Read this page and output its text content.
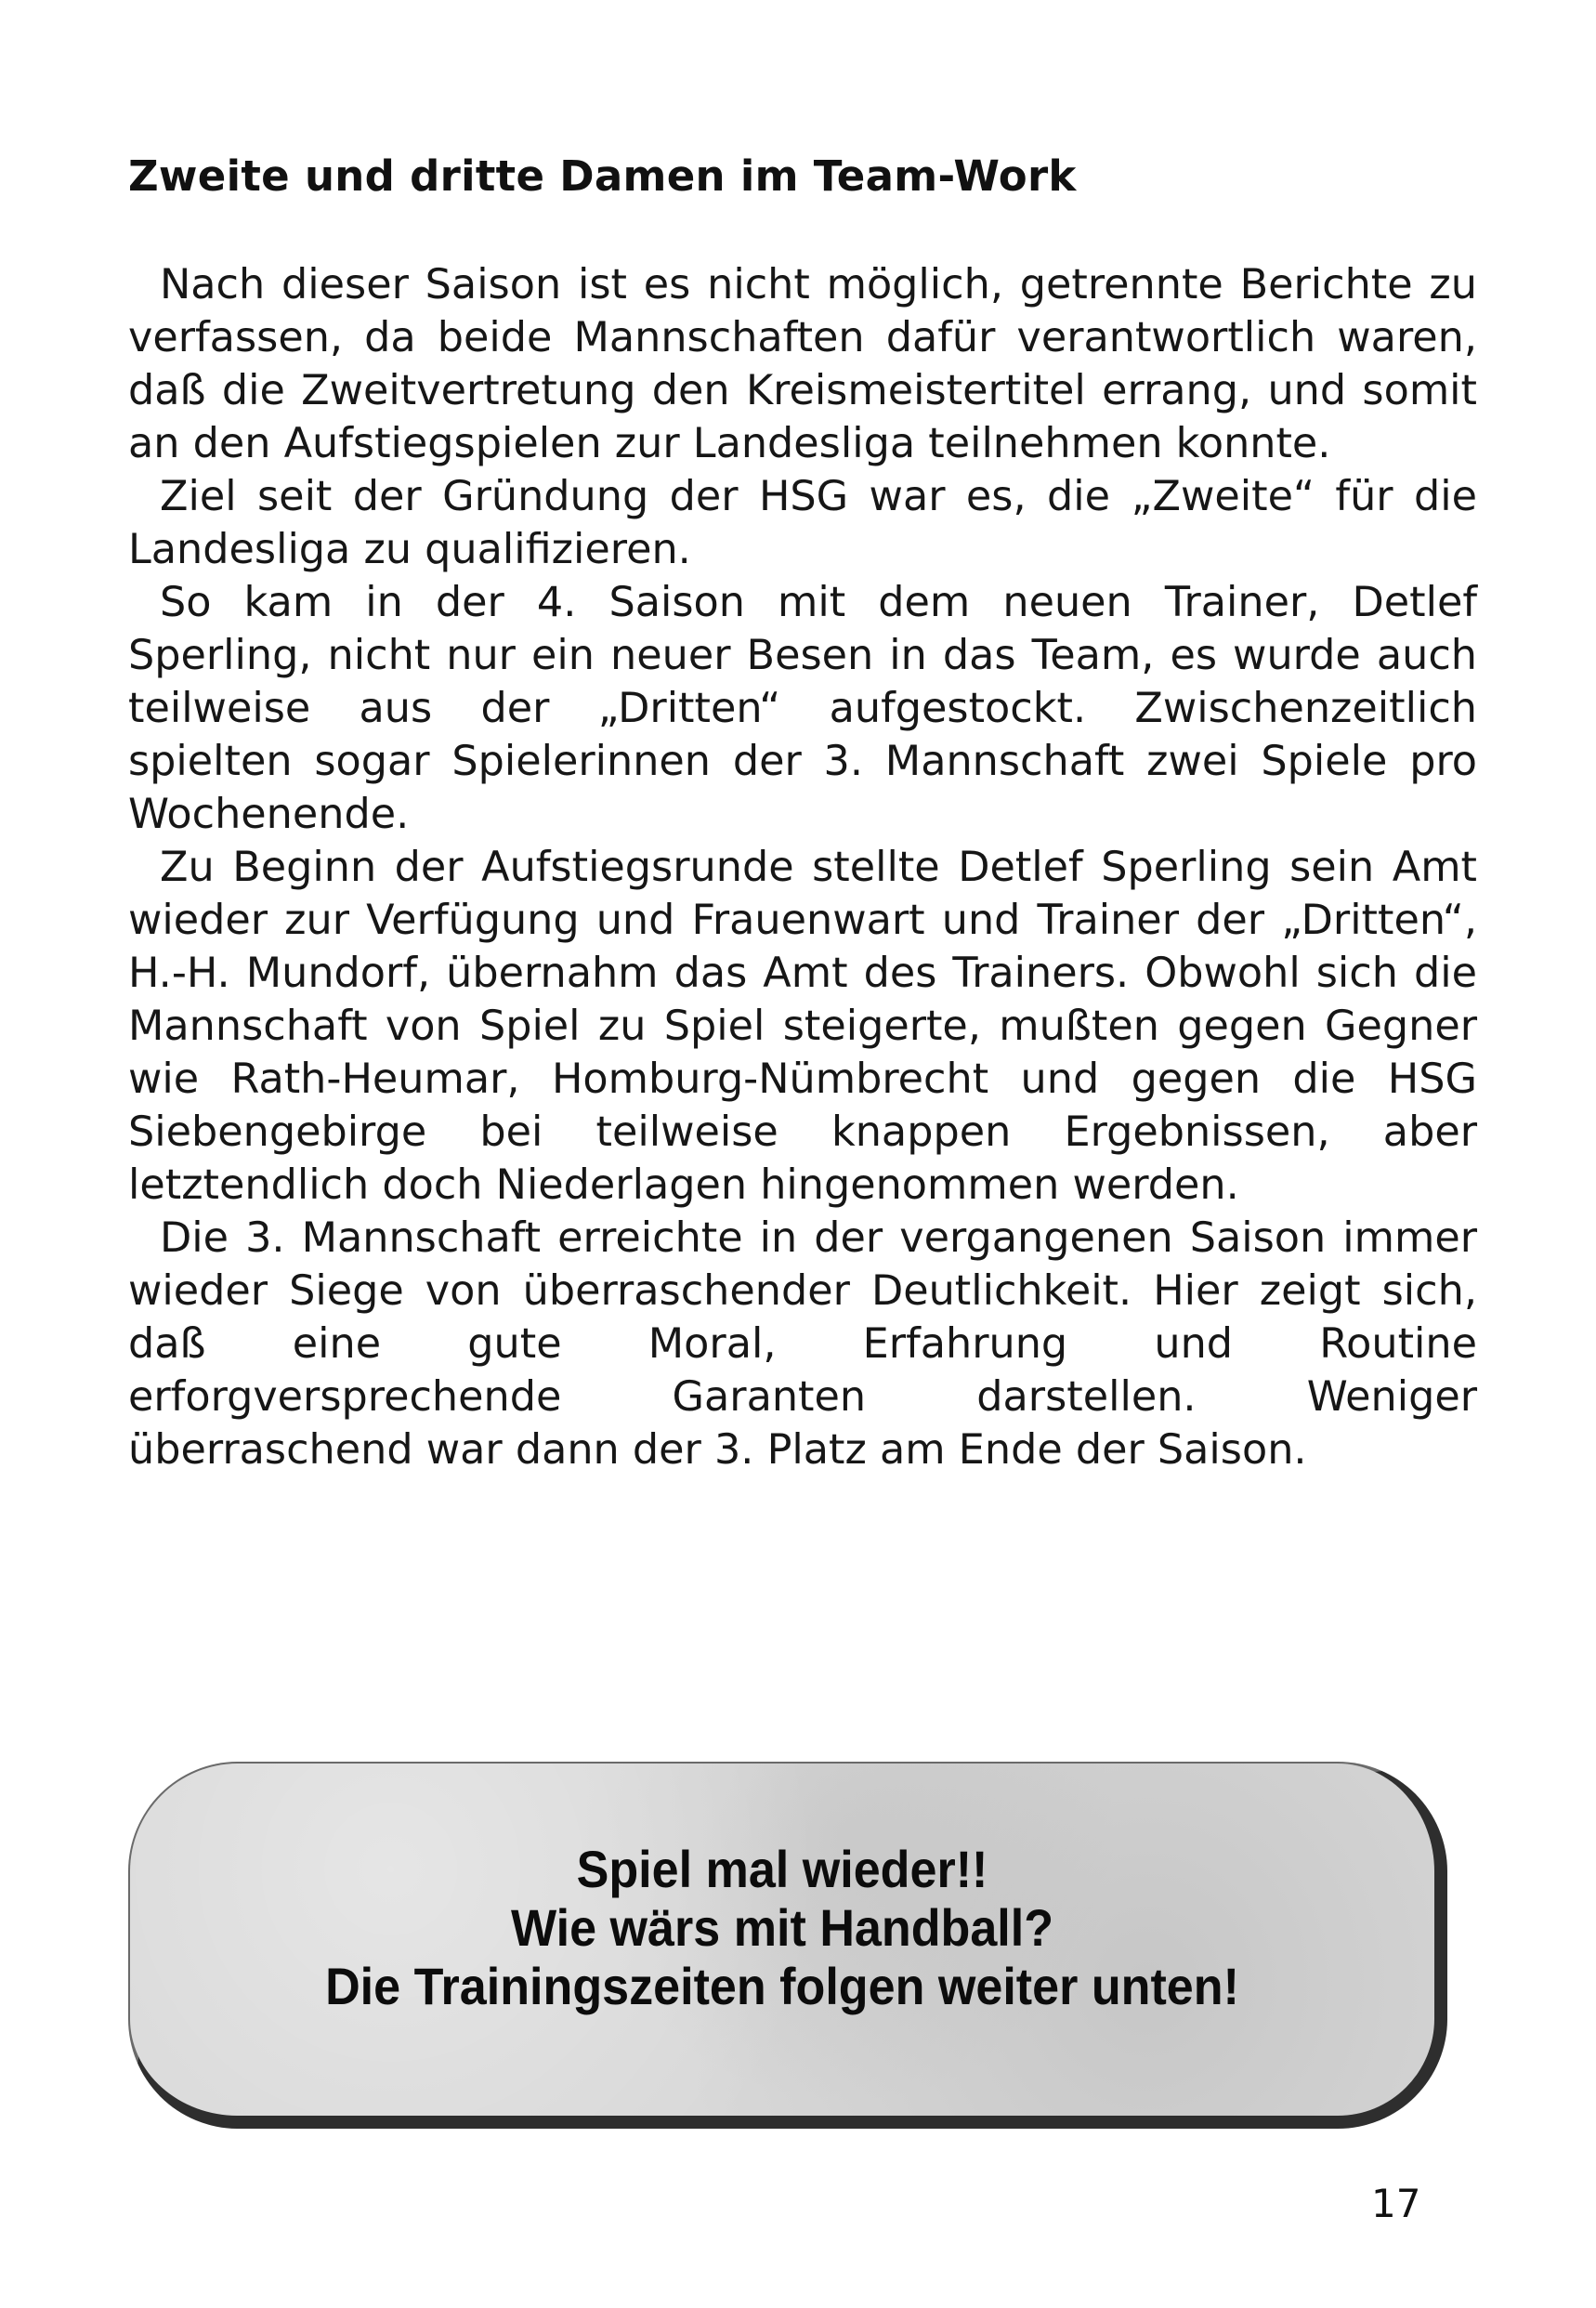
Zweite und dritte Damen im Team-Work

Nach dieser Saison ist es nicht möglich, getrennte Berichte zu verfassen, da beide Mannschaften dafür verantwortlich waren, daß die Zweitvertretung den Kreismeistertitel errang, und somit an den Aufstiegspielen zur Landesliga teilnehmen konnte.

Ziel seit der Gründung der HSG war es, die „Zweite“ für die Landesliga zu qualifizieren.

So kam in der 4. Saison mit dem neuen Trainer, Detlef Sperling, nicht nur ein neuer Besen in das Team, es wurde auch teilweise aus der „Dritten“ aufgestockt. Zwischenzeitlich spielten sogar Spielerinnen der 3. Mannschaft zwei Spiele pro Wochenende.

Zu Beginn der Aufstiegsrunde stellte Detlef Sperling sein Amt wieder zur Verfügung und Frauenwart und Trainer der „Dritten“, H.-H. Mundorf, übernahm das Amt des Trainers. Obwohl sich die Mannschaft von Spiel zu Spiel steigerte, mußten gegen Gegner wie Rath-Heumar, Homburg-Nümbrecht und gegen die HSG Siebengebirge bei teilweise knappen Ergebnissen, aber letztendlich doch Niederlagen hingenommen werden.

Die 3. Mannschaft erreichte in der vergangenen Saison immer wieder Siege von überraschender Deutlichkeit. Hier zeigt sich, daß eine gute Moral, Erfahrung und Routine erforgversprechende Garanten darstellen. Weniger überraschend war dann der 3. Platz am Ende der Saison.

Spiel mal wieder!!
Wie wärs mit Handball?
Die Trainingszeiten folgen weiter unten!
17
